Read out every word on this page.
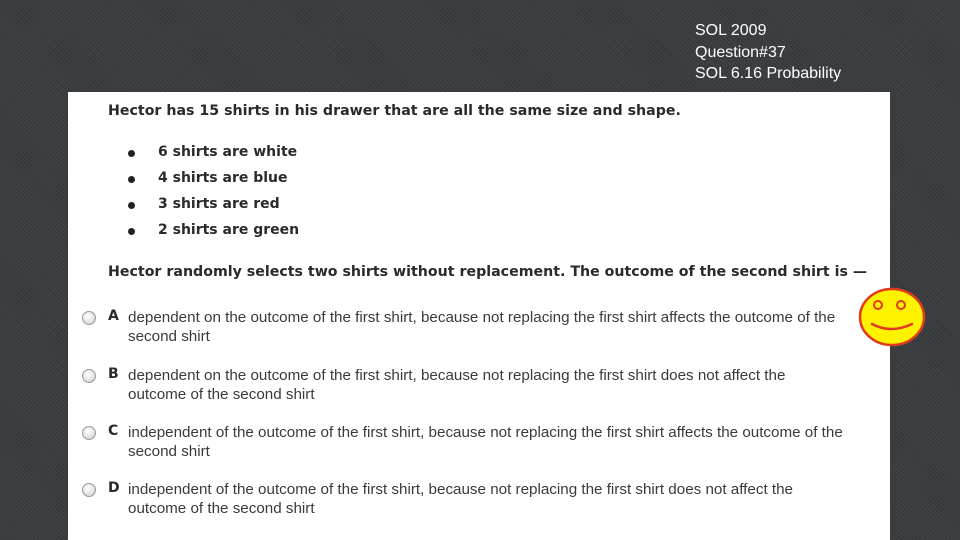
SOL 2009
Question#37
SOL 6.16 Probability
Hector has 15 shirts in his drawer that are all the same size and shape.
6 shirts are white
4 shirts are blue
3 shirts are red
2 shirts are green
Hector randomly selects two shirts without replacement. The outcome of the second shirt is —
A dependent on the outcome of the first shirt, because not replacing the first shirt affects the outcome of the second shirt
B dependent on the outcome of the first shirt, because not replacing the first shirt does not affect the outcome of the second shirt
C independent of the outcome of the first shirt, because not replacing the first shirt affects the outcome of the second shirt
D independent of the outcome of the first shirt, because not replacing the first shirt does not affect the outcome of the second shirt
